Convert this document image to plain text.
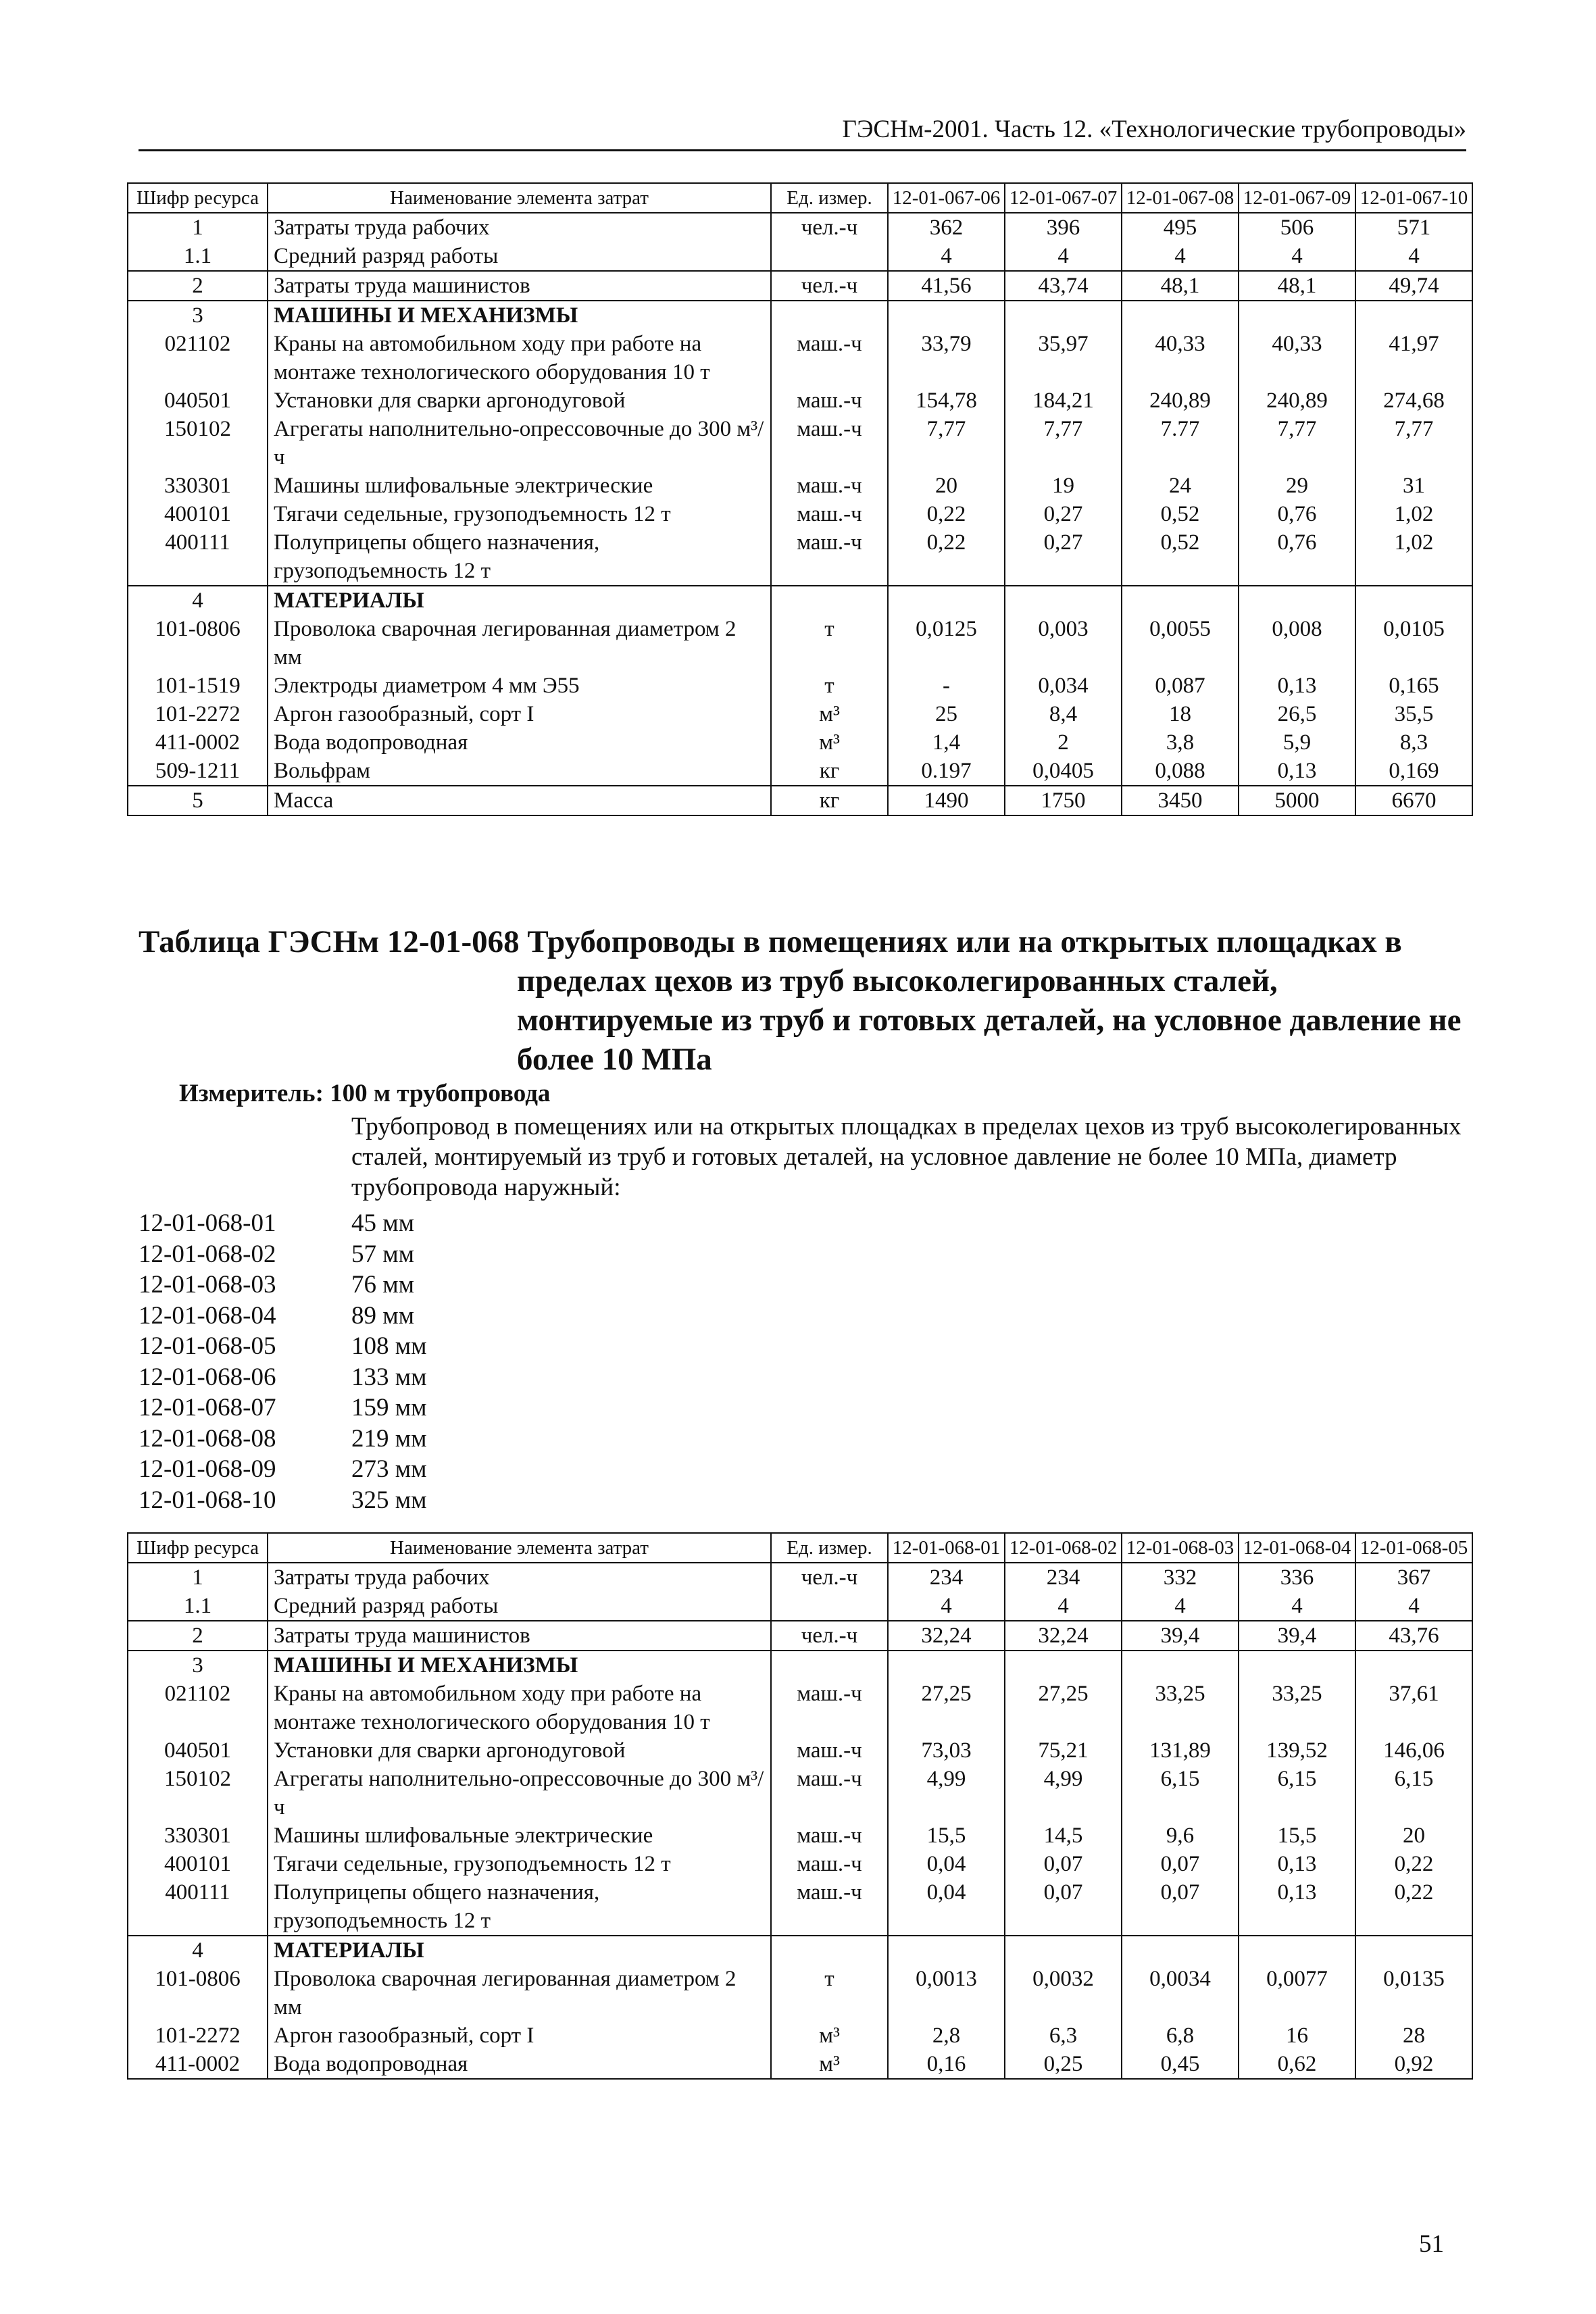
ГЭСНм-2001. Часть 12. «Технологические трубопроводы»
Шифр ресурса	Наименование элемента затрат	Ед. измер.	12-01-067-06	12-01-067-07	12-01-067-08	12-01-067-09	12-01-067-10
1	Затраты труда рабочих	чел.-ч	362	396	495	506	571
1.1	Средний разряд работы		4	4	4	4	4
2	Затраты труда машинистов	чел.-ч	41,56	43,74	48,1	48,1	49,74
3	МАШИНЫ И МЕХАНИЗМЫ						
021102	Краны на автомобильном ходу при работе на монтаже технологического оборудования 10 т	маш.-ч	33,79	35,97	40,33	40,33	41,97
040501	Установки для сварки аргонодуговой	маш.-ч	154,78	184,21	240,89	240,89	274,68
150102	Агрегаты наполнительно-опрессовочные до 300 м³/ч	маш.-ч	7,77	7,77	7.77	7,77	7,77
330301	Машины шлифовальные электрические	маш.-ч	20	19	24	29	31
400101	Тягачи седельные, грузоподъемность 12 т	маш.-ч	0,22	0,27	0,52	0,76	1,02
400111	Полуприцепы общего назначения, грузоподъемность 12 т	маш.-ч	0,22	0,27	0,52	0,76	1,02
4	МАТЕРИАЛЫ						
101-0806	Проволока сварочная легированная диаметром 2 мм	т	0,0125	0,003	0,0055	0,008	0,0105
101-1519	Электроды диаметром 4 мм Э55	т	-	0,034	0,087	0,13	0,165
101-2272	Аргон газообразный, сорт I	м³	25	8,4	18	26,5	35,5
411-0002	Вода водопроводная	м³	1,4	2	3,8	5,9	8,3
509-1211	Вольфрам	кг	0.197	0,0405	0,088	0,13	0,169
5	Масса	кг	1490	1750	3450	5000	6670
Таблица ГЭСНм 12-01-068 Трубопроводы в помещениях или на открытых площадках в
пределах цехов из труб высоколегированных сталей, монтируемые из труб и готовых деталей, на условное давление не более 10 МПа
Измеритель: 100 м трубопровода
Трубопровод в помещениях или на открытых площадках в пределах цехов из труб высоколегированных сталей, монтируемый из труб и готовых деталей, на условное давление не более 10 МПа, диаметр трубопровода наружный:
12-01-068-01	45 мм
12-01-068-02	57 мм
12-01-068-03	76 мм
12-01-068-04	89 мм
12-01-068-05	108 мм
12-01-068-06	133 мм
12-01-068-07	159 мм
12-01-068-08	219 мм
12-01-068-09	273 мм
12-01-068-10	325 мм
Шифр ресурса	Наименование элемента затрат	Ед. измер.	12-01-068-01	12-01-068-02	12-01-068-03	12-01-068-04	12-01-068-05
1	Затраты труда рабочих	чел.-ч	234	234	332	336	367
1.1	Средний разряд работы		4	4	4	4	4
2	Затраты труда машинистов	чел.-ч	32,24	32,24	39,4	39,4	43,76
3	МАШИНЫ И МЕХАНИЗМЫ						
021102	Краны на автомобильном ходу при работе на монтаже технологического оборудования 10 т	маш.-ч	27,25	27,25	33,25	33,25	37,61
040501	Установки для сварки аргонодуговой	маш.-ч	73,03	75,21	131,89	139,52	146,06
150102	Агрегаты наполнительно-опрессовочные до 300 м³/ч	маш.-ч	4,99	4,99	6,15	6,15	6,15
330301	Машины шлифовальные электрические	маш.-ч	15,5	14,5	9,6	15,5	20
400101	Тягачи седельные, грузоподъемность 12 т	маш.-ч	0,04	0,07	0,07	0,13	0,22
400111	Полуприцепы общего назначения, грузоподъемность 12 т	маш.-ч	0,04	0,07	0,07	0,13	0,22
4	МАТЕРИАЛЫ						
101-0806	Проволока сварочная легированная диаметром 2 мм	т	0,0013	0,0032	0,0034	0,0077	0,0135
101-2272	Аргон газообразный, сорт I	м³	2,8	6,3	6,8	16	28
411-0002	Вода водопроводная	м³	0,16	0,25	0,45	0,62	0,92
51
